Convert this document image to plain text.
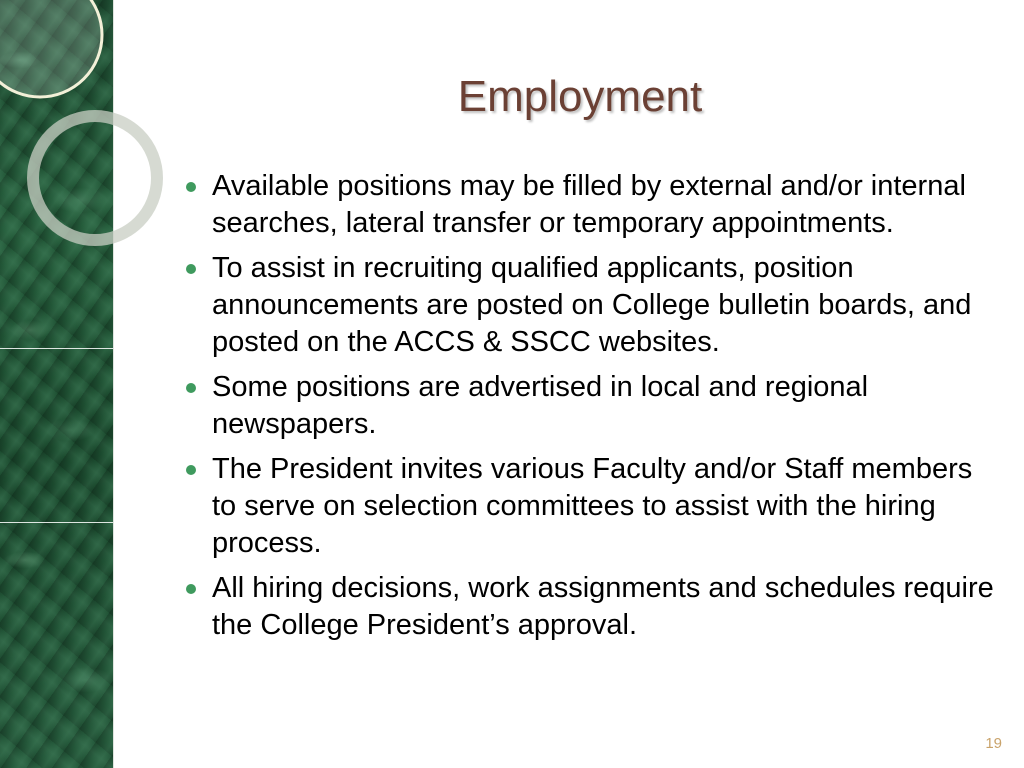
Employment
Available positions may be filled by external and/or internal searches, lateral transfer or temporary appointments.
To assist in recruiting qualified applicants, position announcements are posted on College bulletin boards, and posted on the ACCS & SSCC websites.
Some positions are advertised in local and regional newspapers.
The President invites various Faculty and/or Staff members to serve on selection committees to assist with the hiring process.
All hiring decisions, work assignments and schedules require the College President’s approval.
19
